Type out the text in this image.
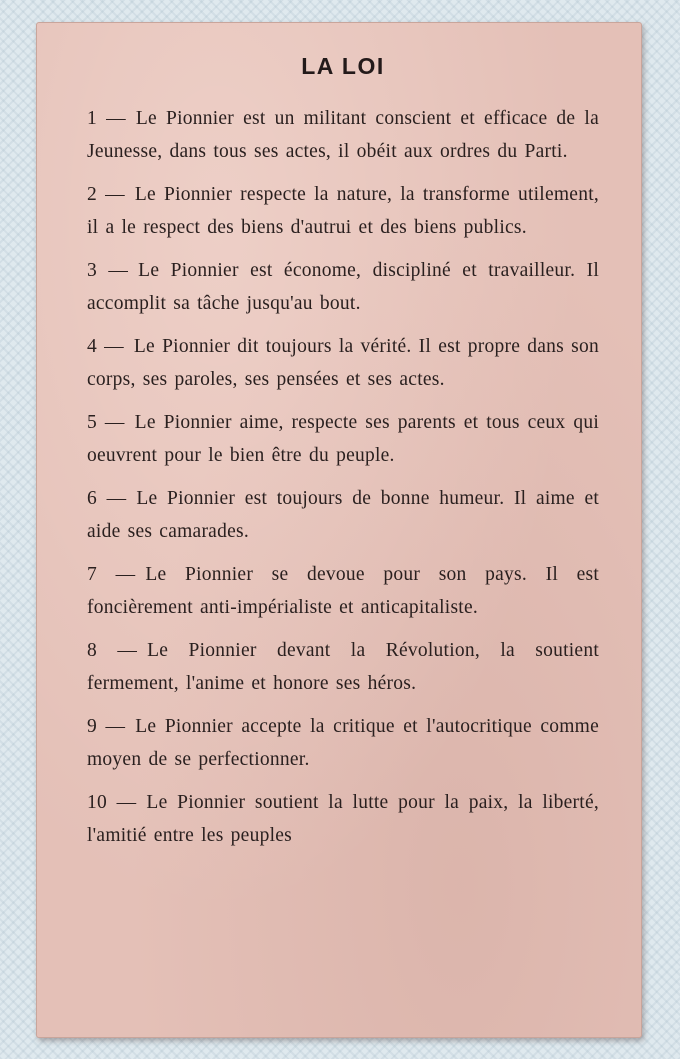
LA LOI

1 — Le Pionnier est un militant conscient et efficace de la Jeunesse, dans tous ses actes, il obéit aux ordres du Parti.

2 — Le Pionnier respecte la nature, la transforme utilement, il a le respect des biens d'autrui et des biens publics.

3 — Le Pionnier est économe, discipliné et travailleur. Il accomplit sa tâche jusqu'au bout.

4 — Le Pionnier dit toujours la vérité. Il est propre dans son corps, ses paroles, ses pensées et ses actes.

5 — Le Pionnier aime, respecte ses parents et tous ceux qui oeuvrent pour le bien être du peuple.

6 — Le Pionnier est toujours de bonne humeur. Il aime et aide ses camarades.

7 — Le Pionnier se devoue pour son pays. Il est foncièrement anti-impérialiste et anticapitaliste.

8 — Le Pionnier devant la Révolution, la soutient fermement, l'anime et honore ses héros.

9 — Le Pionnier accepte la critique et l'autocritique comme moyen de se perfectionner.

10 — Le Pionnier soutient la lutte pour la paix, la liberté, l'amitié entre les peuples
